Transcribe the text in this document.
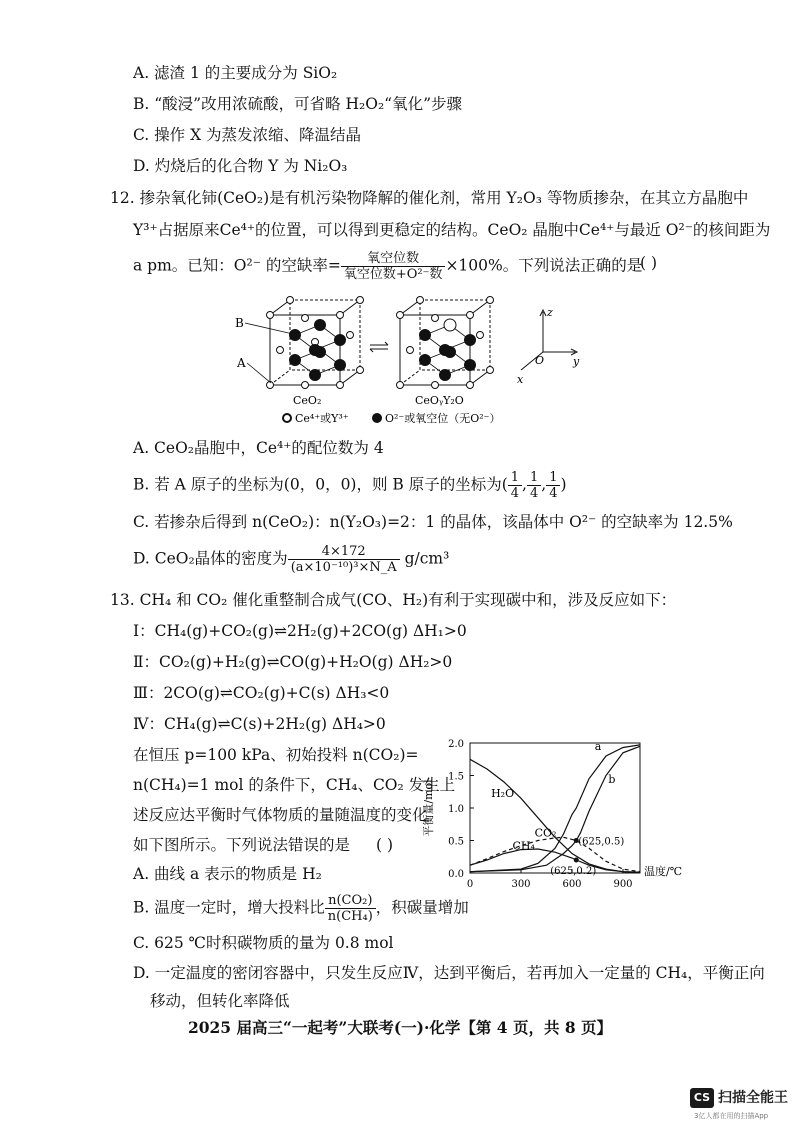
A. 滤渣 1 的主要成分为 SiO₂
B. “酸浸”改用浓硫酸，可省略 H₂O₂“氧化”步骤
C. 操作 X 为蒸发浓缩、降温结晶
D. 灼烧后的化合物 Y 为 Ni₂O₃
12. 掺杂氧化铈(CeO₂)是有机污染物降解的催化剂，常用 Y₂O₃ 等物质掺杂，在其立方晶胞中
Y³⁺占据原来Ce⁴⁺的位置，可以得到更稳定的结构。CeO₂ 晶胞中Ce⁴⁺与最近 O²⁻的核间距为
a pm。已知：O²⁻ 的空缺率= $\frac{\text{氧空位数}}{\text{氧空位数+O²⁻数}} \times 100\%$。下列说法正确的是
( )
B
A
CeO₂	CeOᵧY₂O
z
y
x
O
Ce⁴⁺或Y³⁺	O²⁻或氧空位（无O²⁻）
A. CeO₂晶胞中，Ce⁴⁺的配位数为 4
B. 若 A 原子的坐标为(0，0，0)，则 B 原子的坐标为( $\frac{1}{4}$ , $\frac{1}{4}$ , $\frac{1}{4}$ )
C. 若掺杂后得到 n(CeO₂)：n(Y₂O₃)=2：1 的晶体，该晶体中 O²⁻ 的空缺率为 12.5%
D. CeO₂晶体的密度为 $\frac{4\times 172}{\text{(a×10⁻¹⁰)³×N\_A}} g/cm^3$
13. CH₄ 和 CO₂ 催化重整制合成气(CO、H₂)有利于实现碳中和，涉及反应如下：
Ⅰ：CH₄(g)+CO₂(g)⇌2H₂(g)+2CO(g) ΔH₁>0
Ⅱ：CO₂(g)+H₂(g)⇌CO(g)+H₂O(g) ΔH₂>0
Ⅲ：2CO(g)⇌CO₂(g)+C(s) ΔH₃<0
Ⅳ：CH₄(g)⇌C(s)+2H₂(g) ΔH₄>0
在恒压 p=100 kPa、初始投料 n(CO₂)=
n(CH₄)=1 mol 的条件下，CH₄、CO₂ 发生上
述反应达平衡时气体物质的量随温度的变化
如下图所示。下列说法错误的是 ( )
A. 曲线 a 表示的物质是 H₂
B. 温度一定时，增大投料比 $\frac{\text{n(CO₂)}}{\text{n(CH₄)}}$ ，积碳量增加
C. 625 ℃时积碳物质的量为 0.8 mol
D. 一定温度的密闭容器中，只发生反应Ⅳ，达到平衡后，若再加入一定量的 CH₄，平衡正向
移动，但转化率降低
0.0
0.5
1.0
1.5
2.0
0	300	600	900
温度/℃
平衡量/mol
a
b
H₂O
CO₂
CH₄	(625,0.5)
(625,0.2)
2025 届高三“一起考”大联考(一)·化学【第 4 页，共 8 页】
CS 扫描全能王
3亿人都在用的扫描App
